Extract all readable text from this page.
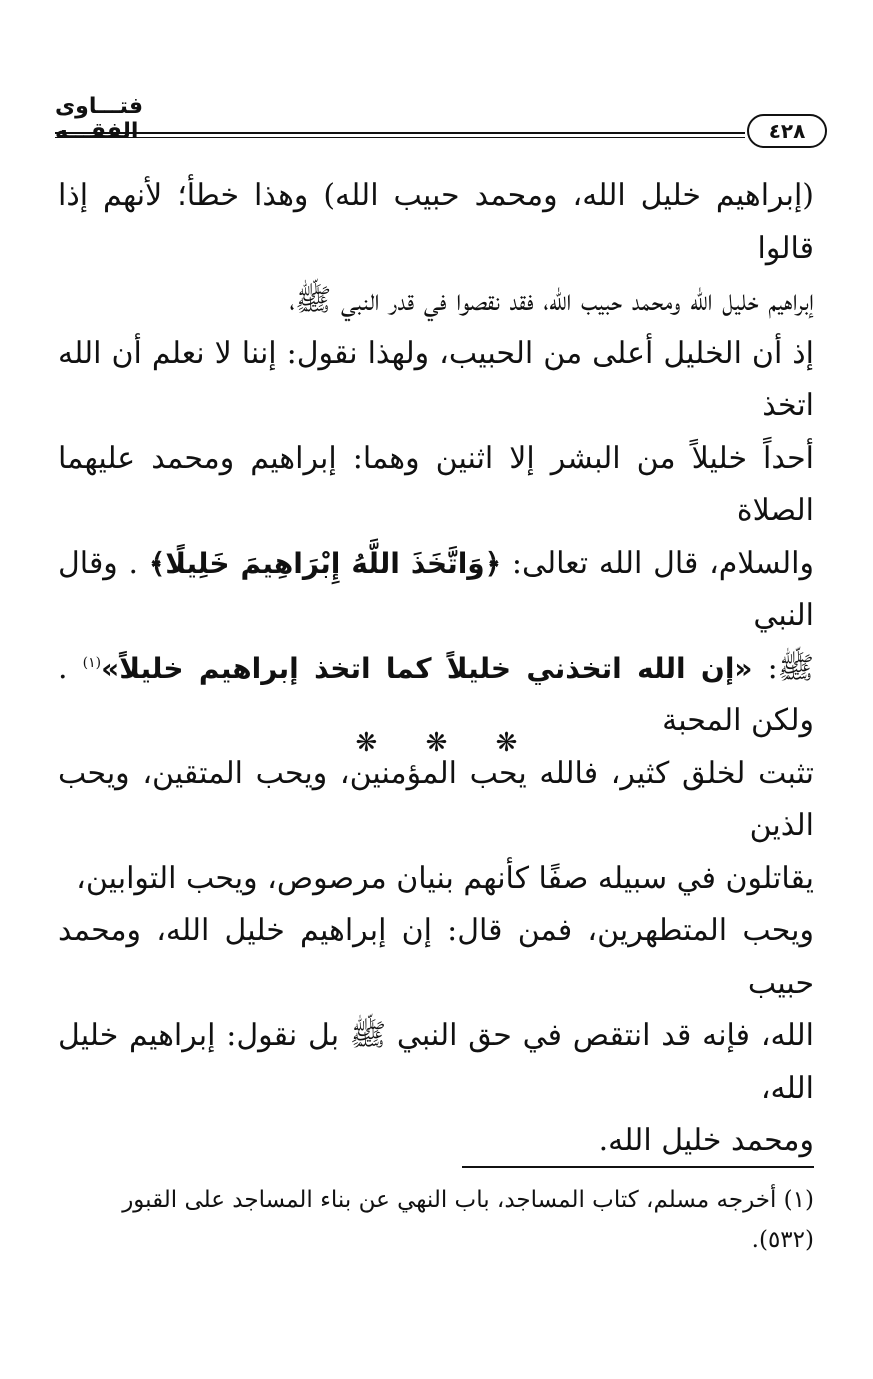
فتـــاوى الفقـــه	٤٢٨

(إبراهيم خليل الله، ومحمد حبيب الله) وهذا خطأ؛ لأنهم إذا قالوا

إبراهيم خليل الله ومحمد حبيب الله، فقد نقصوا في قدر النبي ﷺ،

إذ أن الخليل أعلى من الحبيب، ولهذا نقول: إننا لا نعلم أن الله اتخذ

أحداً خليلاً من البشر إلا اثنين وهما: إبراهيم ومحمد عليهما الصلاة

والسلام، قال الله تعالى: ﴿وَاتَّخَذَ اللَّهُ إِبْرَاهِيمَ خَلِيلًا﴾ . وقال النبي

ﷺ: «إن الله اتخذني خليلاً كما اتخذ إبراهيم خليلاً»$^{(١)}$ . ولكن المحبة

تثبت لخلق كثير، فالله يحب المؤمنين، ويحب المتقين، ويحب الذين

يقاتلون في سبيله صفًا كأنهم بنيان مرصوص، ويحب التوابين،

ويحب المتطهرين، فمن قال: إن إبراهيم خليل الله، ومحمد حبيب

الله، فإنه قد انتقص في حق النبي ﷺ بل نقول: إبراهيم خليل الله،

ومحمد خليل الله.

❋ ❋ ❋

(١) أخرجه مسلم، كتاب المساجد، باب النهي عن بناء المساجد على القبور

(٥٣٢).
